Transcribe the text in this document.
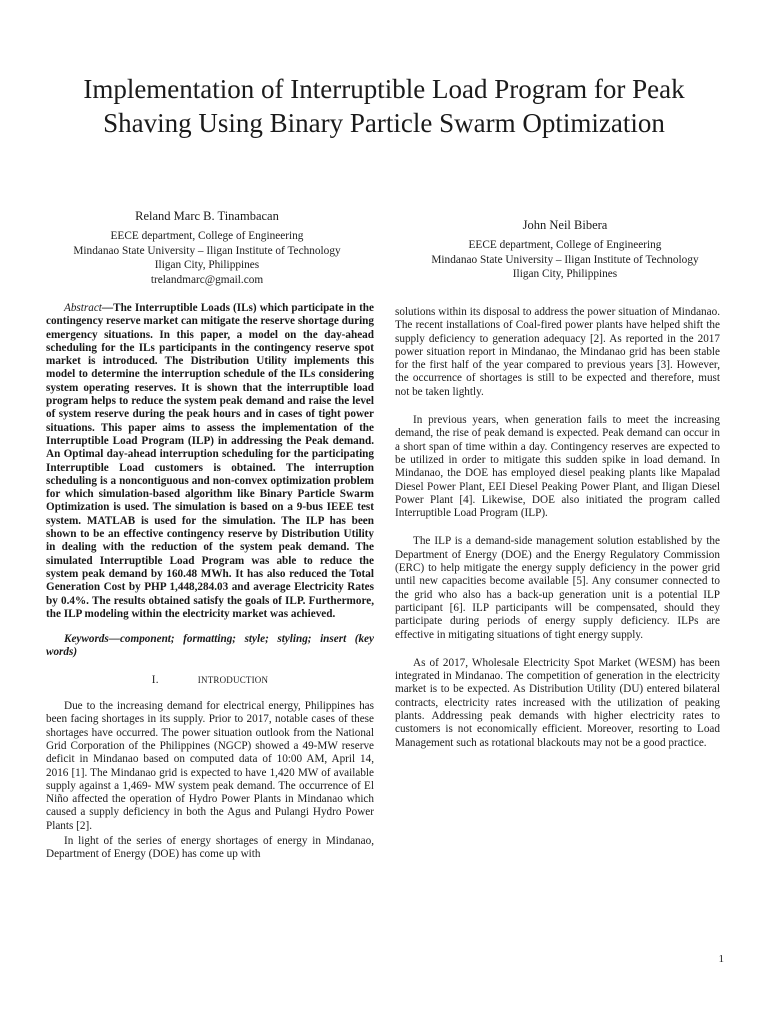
Implementation of Interruptible Load Program for Peak Shaving Using Binary Particle Swarm Optimization
Reland Marc B. Tinambacan
EECE department, College of Engineering
Mindanao State University – Iligan Institute of Technology
Iligan City, Philippines
trelandmarc@gmail.com
John Neil Bibera
EECE department, College of Engineering
Mindanao State University – Iligan Institute of Technology
Iligan City, Philippines

Abstract—The Interruptible Loads (ILs) which participate in the contingency reserve market can mitigate the reserve shortage during emergency situations. In this paper, a model on the day-ahead scheduling for the ILs participants in the contingency reserve spot market is introduced. The Distribution Utility implements this model to determine the interruption schedule of the ILs considering system operating reserves. It is shown that the interruptible load program helps to reduce the system peak demand and raise the level of system reserve during the peak hours and in cases of tight power situations. This paper aims to assess the implementation of the Interruptible Load Program (ILP) in addressing the Peak demand. An Optimal day-ahead interruption scheduling for the participating Interruptible Load customers is obtained. The interruption scheduling is a noncontiguous and non-convex optimization problem for which simulation-based algorithm like Binary Particle Swarm Optimization is used. The simulation is based on a 9-bus IEEE test system. MATLAB is used for the simulation. The ILP has been shown to be an effective contingency reserve by Distribution Utility in dealing with the reduction of the system peak demand. The simulated Interruptible Load Program was able to reduce the system peak demand by 160.48 MWh. It has also reduced the Total Generation Cost by PHP 1,448,284.03 and average Electricity Rates by 0.4%. The results obtained satisfy the goals of ILP. Furthermore, the ILP modeling within the electricity market was achieved.

Keywords—component; formatting; style; styling; insert (key words)

I.	INTRODUCTION

Due to the increasing demand for electrical energy, Philippines has been facing shortages in its supply. Prior to 2017, notable cases of these shortages have occurred. The power situation outlook from the National Grid Corporation of the Philippines (NGCP) showed a 49-MW reserve deficit in Mindanao based on computed data of 10:00 AM, April 14, 2016 [1]. The Mindanao grid is expected to have 1,420 MW of available supply against a 1,469- MW system peak demand. The occurrence of El Niño affected the operation of Hydro Power Plants in Mindanao which caused a supply deficiency in both the Agus and Pulangi Hydro Power Plants [2].

In light of the series of energy shortages of energy in Mindanao, Department of Energy (DOE) has come up with

solutions within its disposal to address the power situation of Mindanao. The recent installations of Coal-fired power plants have helped shift the supply deficiency to generation adequacy [2]. As reported in the 2017 power situation report in Mindanao, the Mindanao grid has been stable for the first half of the year compared to previous years [3]. However, the occurrence of shortages is still to be expected and therefore, must not be taken lightly.

In previous years, when generation fails to meet the increasing demand, the rise of peak demand is expected. Peak demand can occur in a short span of time within a day. Contingency reserves are expected to be utilized in order to mitigate this sudden spike in load demand. In Mindanao, the DOE has employed diesel peaking plants like Mapalad Diesel Power Plant, EEI Diesel Peaking Power Plant, and Iligan Diesel Power Plant [4]. Likewise, DOE also initiated the program called Interruptible Load Program (ILP).

The ILP is a demand-side management solution established by the Department of Energy (DOE) and the Energy Regulatory Commission (ERC) to help mitigate the energy supply deficiency in the power grid until new capacities become available [5]. Any consumer connected to the grid who also has a back-up generation unit is a potential ILP participant [6]. ILP participants will be compensated, should they participate during periods of energy supply deficiency. ILPs are effective in mitigating situations of tight energy supply.

As of 2017, Wholesale Electricity Spot Market (WESM) has been integrated in Mindanao. The competition of generation in the electricity market is to be expected. As Distribution Utility (DU) entered bilateral contracts, electricity rates increased with the utilization of peaking plants. Addressing peak demands with higher electricity rates to customers is not economically efficient. Moreover, resorting to Load Management such as rotational blackouts may not be a good practice.

1
